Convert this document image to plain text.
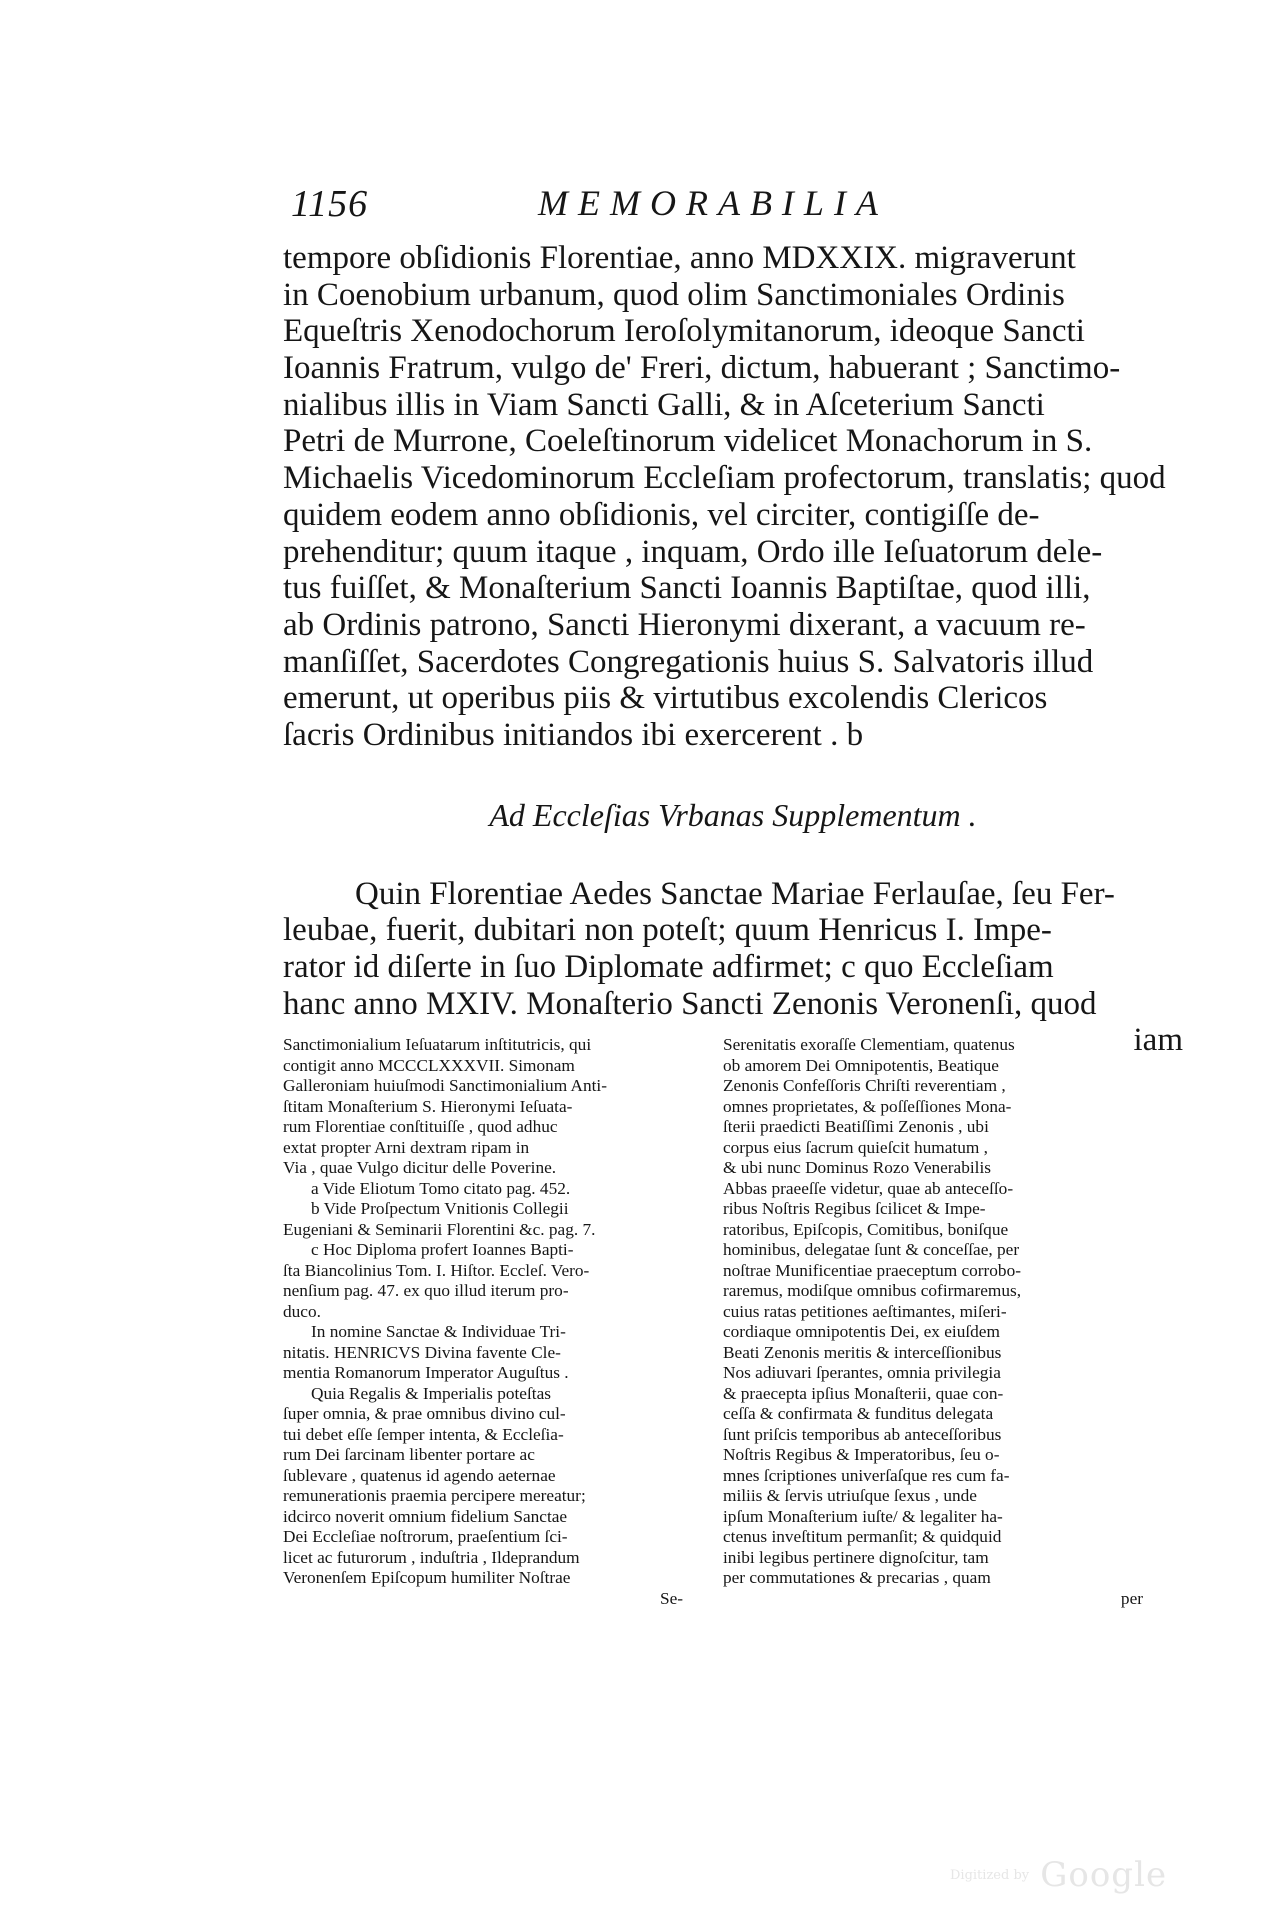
1156	MEMORABILIA
tempore obſidionis Florentiae, anno MDXXIX. migraverunt
in Coenobium urbanum, quod olim Sanctimoniales Ordinis
Equeſtris Xenodochorum Ieroſolymitanorum, ideoque Sancti
Ioannis Fratrum, vulgo de' Freri, dictum, habuerant ; Sanctimo-
nialibus illis in Viam Sancti Galli, & in Aſceterium Sancti
Petri de Murrone, Coeleſtinorum videlicet Monachorum in S.
Michaelis Vicedominorum Eccleſiam profectorum, translatis; quod
quidem eodem anno obſidionis, vel circiter, contigiſſe de-
prehenditur; quum itaque , inquam, Ordo ille Ieſuatorum dele-
tus fuiſſet, & Monaſterium Sancti Ioannis Baptiſtae, quod illi,
ab Ordinis patrono, Sancti Hieronymi dixerant, a vacuum re-
manſiſſet, Sacerdotes Congregationis huius S. Salvatoris illud
emerunt, ut operibus piis & virtutibus excolendis Clericos
ſacris Ordinibus initiandos ibi exercerent . b
Ad Eccleſias Vrbanas Supplementum .
Quin Florentiae Aedes Sanctae Mariae Ferlauſae, ſeu Fer-
leubae, fuerit, dubitari non poteſt; quum Henricus I. Impe-
rator id diſerte in ſuo Diplomate adfirmet; c quo Eccleſiam
hanc anno MXIV. Monaſterio Sancti Zenonis Veronenſi, quod
iam
Sanctimonialium Ieſuatarum inſtitutricis, qui
contigit anno MCCCLXXXVII. Simonam
Galleroniam huiuſmodi Sanctimonialium Anti-
ſtitam Monaſterium S. Hieronymi Ieſuata-
rum Florentiae conſtituiſſe , quod adhuc
extat propter Arni dextram ripam in
Via , quae Vulgo dicitur delle Poverine.
a Vide Eliotum Tomo citato pag. 452.
b Vide Proſpectum Vnitionis Collegii
Eugeniani & Seminarii Florentini &c. pag. 7.
c Hoc Diploma profert Ioannes Bapti-
ſta Biancolinius Tom. I. Hiſtor. Eccleſ. Vero-
nenſium pag. 47. ex quo illud iterum pro-
duco.
In nomine Sanctae & Individuae Tri-
nitatis. HENRICVS Divina favente Cle-
mentia Romanorum Imperator Auguſtus .
Quia Regalis & Imperialis poteſtas
ſuper omnia, & prae omnibus divino cul-
tui debet eſſe ſemper intenta, & Eccleſia-
rum Dei ſarcinam libenter portare ac
ſublevare , quatenus id agendo aeternae
remunerationis praemia percipere mereatur;
idcirco noverit omnium fidelium Sanctae
Dei Eccleſiae noſtrorum, praeſentium ſci-
licet ac futurorum , induſtria , Ildeprandum
Veronenſem Epiſcopum humiliter Noſtrae
Se-
Serenitatis exoraſſe Clementiam, quatenus
ob amorem Dei Omnipotentis, Beatique
Zenonis Confeſſoris Chriſti reverentiam ,
omnes proprietates, & poſſeſſiones Mona-
ſterii praedicti Beatiſſimi Zenonis , ubi
corpus eius ſacrum quieſcit humatum ,
& ubi nunc Dominus Rozo Venerabilis
Abbas praeeſſe videtur, quae ab anteceſſo-
ribus Noſtris Regibus ſcilicet & Impe-
ratoribus, Epiſcopis, Comitibus, boniſque
hominibus, delegatae ſunt & conceſſae, per
noſtrae Munificentiae praeceptum corrobo-
raremus, modiſque omnibus cofirmaremus,
cuius ratas petitiones aeſtimantes, miſeri-
cordiaque omnipotentis Dei, ex eiuſdem
Beati Zenonis meritis & interceſſionibus
Nos adiuvari ſperantes, omnia privilegia
& praecepta ipſius Monaſterii, quae con-
ceſſa & confirmata & funditus delegata
ſunt priſcis temporibus ab anteceſſoribus
Noſtris Regibus & Imperatoribus, ſeu o-
mnes ſcriptiones univerſaſque res cum fa-
miliis & ſervis utriuſque ſexus , unde
ipſum Monaſterium iuſte/ & legaliter ha-
ctenus inveſtitum permanſit; & quidquid
inibi legibus pertinere dignoſcitur, tam
per commutationes & precarias , quam
per
Digitized by Google
